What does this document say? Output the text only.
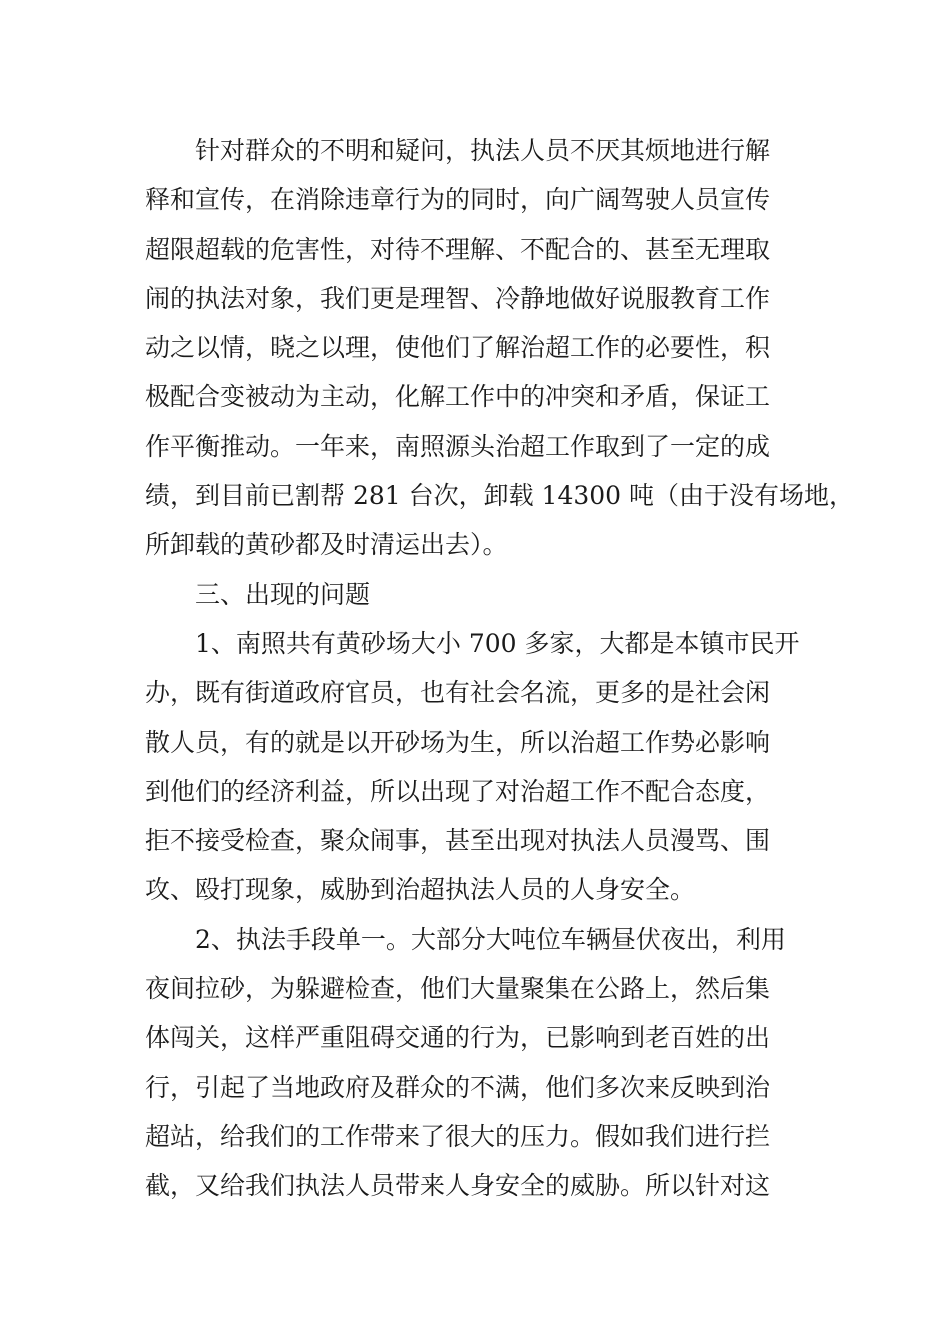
针对群众的不明和疑问，执法人员不厌其烦地进行解
释和宣传，在消除违章行为的同时，向广阔驾驶人员宣传
超限超载的危害性，对待不理解、不配合的、甚至无理取
闹的执法对象，我们更是理智、冷静地做好说服教育工作
动之以情，晓之以理，使他们了解治超工作的必要性，积
极配合变被动为主动，化解工作中的冲突和矛盾，保证工
作平衡推动。一年来，南照源头治超工作取到了一定的成
绩，到目前已割帮 281 台次，卸载 14300 吨（由于没有场地，
所卸载的黄砂都及时清运出去）。
三、出现的问题
1、南照共有黄砂场大小 700 多家，大都是本镇市民开
办，既有街道政府官员，也有社会名流，更多的是社会闲
散人员，有的就是以开砂场为生，所以治超工作势必影响
到他们的经济利益，所以出现了对治超工作不配合态度，
拒不接受检查，聚众闹事，甚至出现对执法人员漫骂、围
攻、殴打现象，威胁到治超执法人员的人身安全。
2、执法手段单一。大部分大吨位车辆昼伏夜出，利用
夜间拉砂，为躲避检查，他们大量聚集在公路上，然后集
体闯关，这样严重阻碍交通的行为，已影响到老百姓的出
行，引起了当地政府及群众的不满，他们多次来反映到治
超站，给我们的工作带来了很大的压力。假如我们进行拦
截，又给我们执法人员带来人身安全的威胁。所以针对这
